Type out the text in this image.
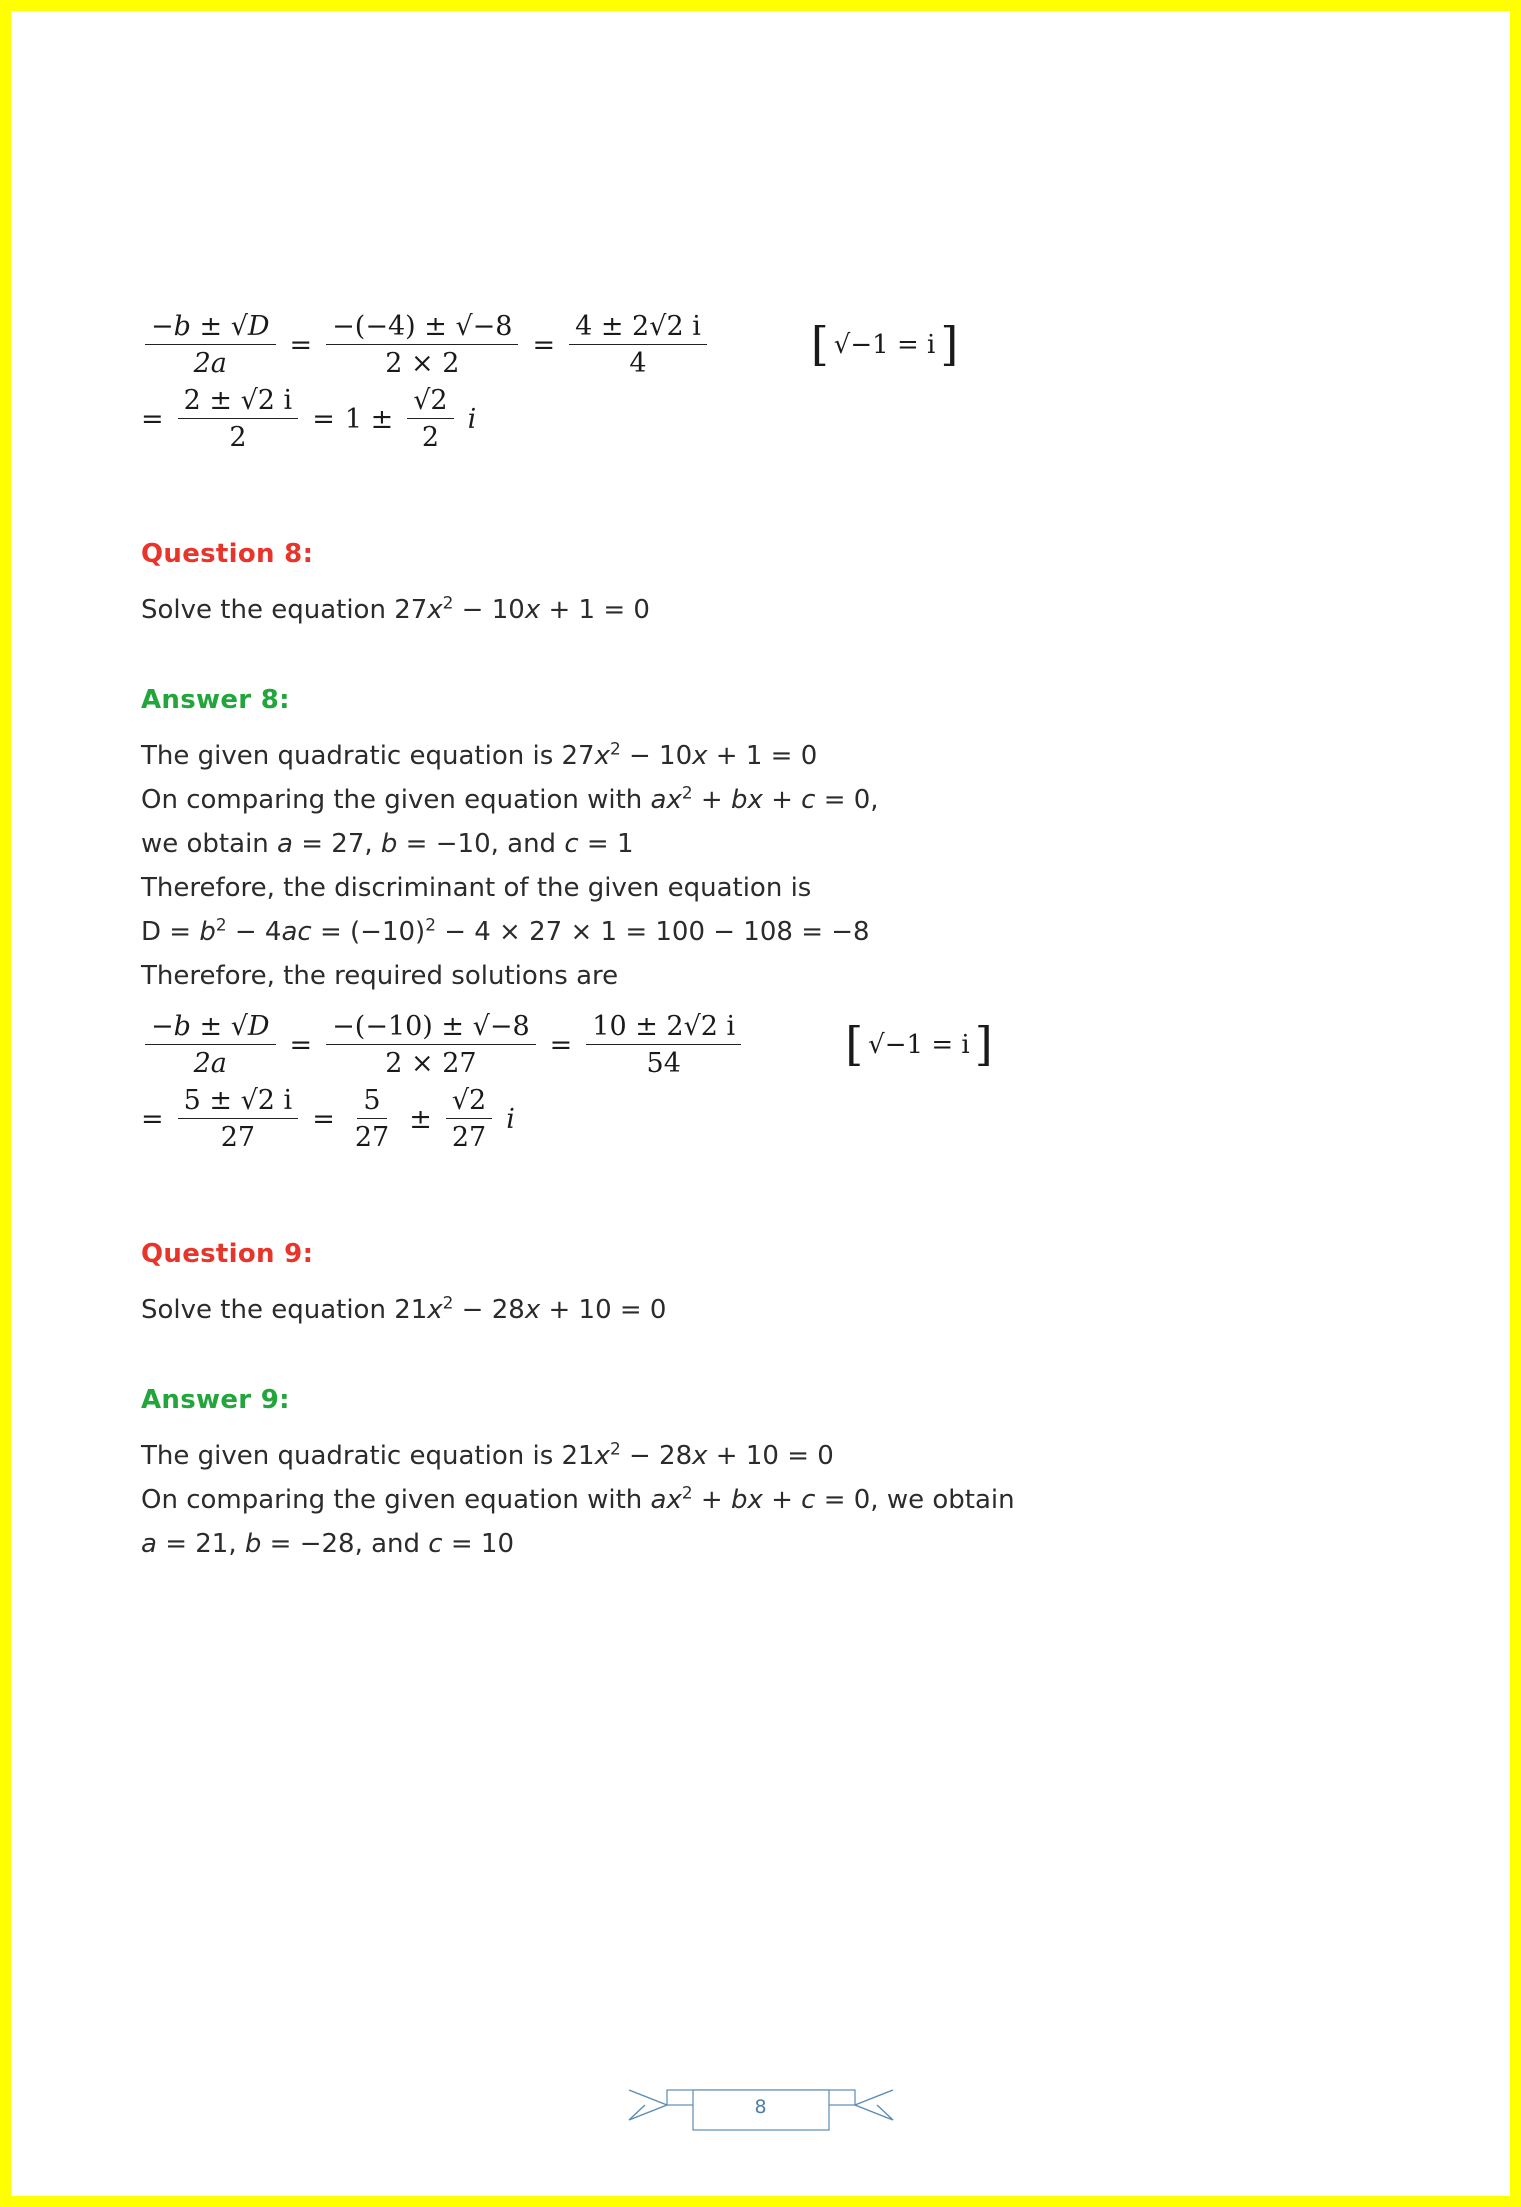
$\frac{-b \pm √D}{2a} = \frac{-(-4) \pm √-8}{2 \times 2} = \frac{4 \pm 2√2 i}{4}$ [ √−1 = i ]
= $\frac{2 \pm √2 i}{2} = 1 \pm \frac{√2}{2}$ i
Question 8:
Solve the equation $27x^2 - 10x + 1 = 0$
Answer 8:
The given quadratic equation is $27x^2 - 10x + 1 = 0$
On comparing the given equation with $ax^2$ + bx + c = 0,
we obtain a = 27, b = −10, and c = 1
Therefore, the discriminant of the given equation is
$D = b^2 - 4ac = (-10)^2 - 4 \times 27 \times 1 = 100 - 108 = -8$
Therefore, the required solutions are
$\frac{-b \pm √D}{2a} = \frac{-(-10) \pm √-8}{2 \times 27} = \frac{10 \pm 2√2 i}{54}$ [ √−1 = i ]
= $\frac{5 \pm √2 i}{27} = \frac{5}{27} \pm \frac{√2}{27}$ i
Question 9:
Solve the equation $21x^2 - 28x + 10 = 0$
Answer 9:
The given quadratic equation is $21x^2 - 28x + 10 = 0$
On comparing the given equation with $ax^2$ + bx + c = 0, we obtain
a = 21, b = −28, and c = 10
8
